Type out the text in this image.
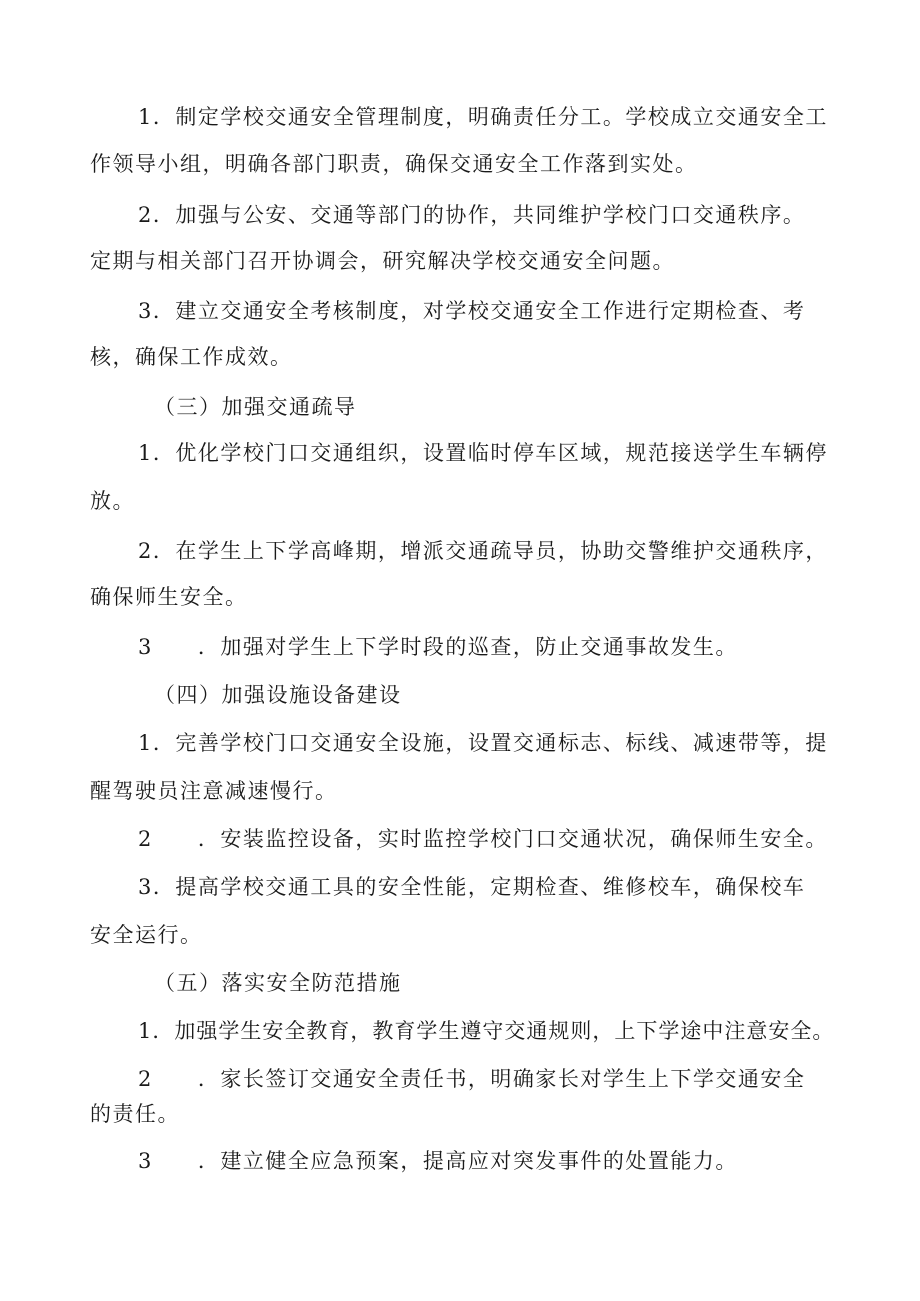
1．制定学校交通安全管理制度，明确责任分工。学校成立交通安全工
作领导小组，明确各部门职责，确保交通安全工作落到实处。
2．加强与公安、交通等部门的协作，共同维护学校门口交通秩序。
定期与相关部门召开协调会，研究解决学校交通安全问题。
3．建立交通安全考核制度，对学校交通安全工作进行定期检查、考
核，确保工作成效。
（三）加强交通疏导
1．优化学校门口交通组织，设置临时停车区域，规范接送学生车辆停
放。
2．在学生上下学高峰期，增派交通疏导员，协助交警维护交通秩序，
确保师生安全。
3　　．加强对学生上下学时段的巡查，防止交通事故发生。
（四）加强设施设备建设
1．完善学校门口交通安全设施，设置交通标志、标线、减速带等，提
醒驾驶员注意减速慢行。
2　　．安装监控设备，实时监控学校门口交通状况，确保师生安全。
3．提高学校交通工具的安全性能，定期检查、维修校车，确保校车
安全运行。
（五）落实安全防范措施
1．加强学生安全教育，教育学生遵守交通规则，上下学途中注意安全。
2　　．家长签订交通安全责任书，明确家长对学生上下学交通安全
的责任。
3　　．建立健全应急预案，提高应对突发事件的处置能力。
